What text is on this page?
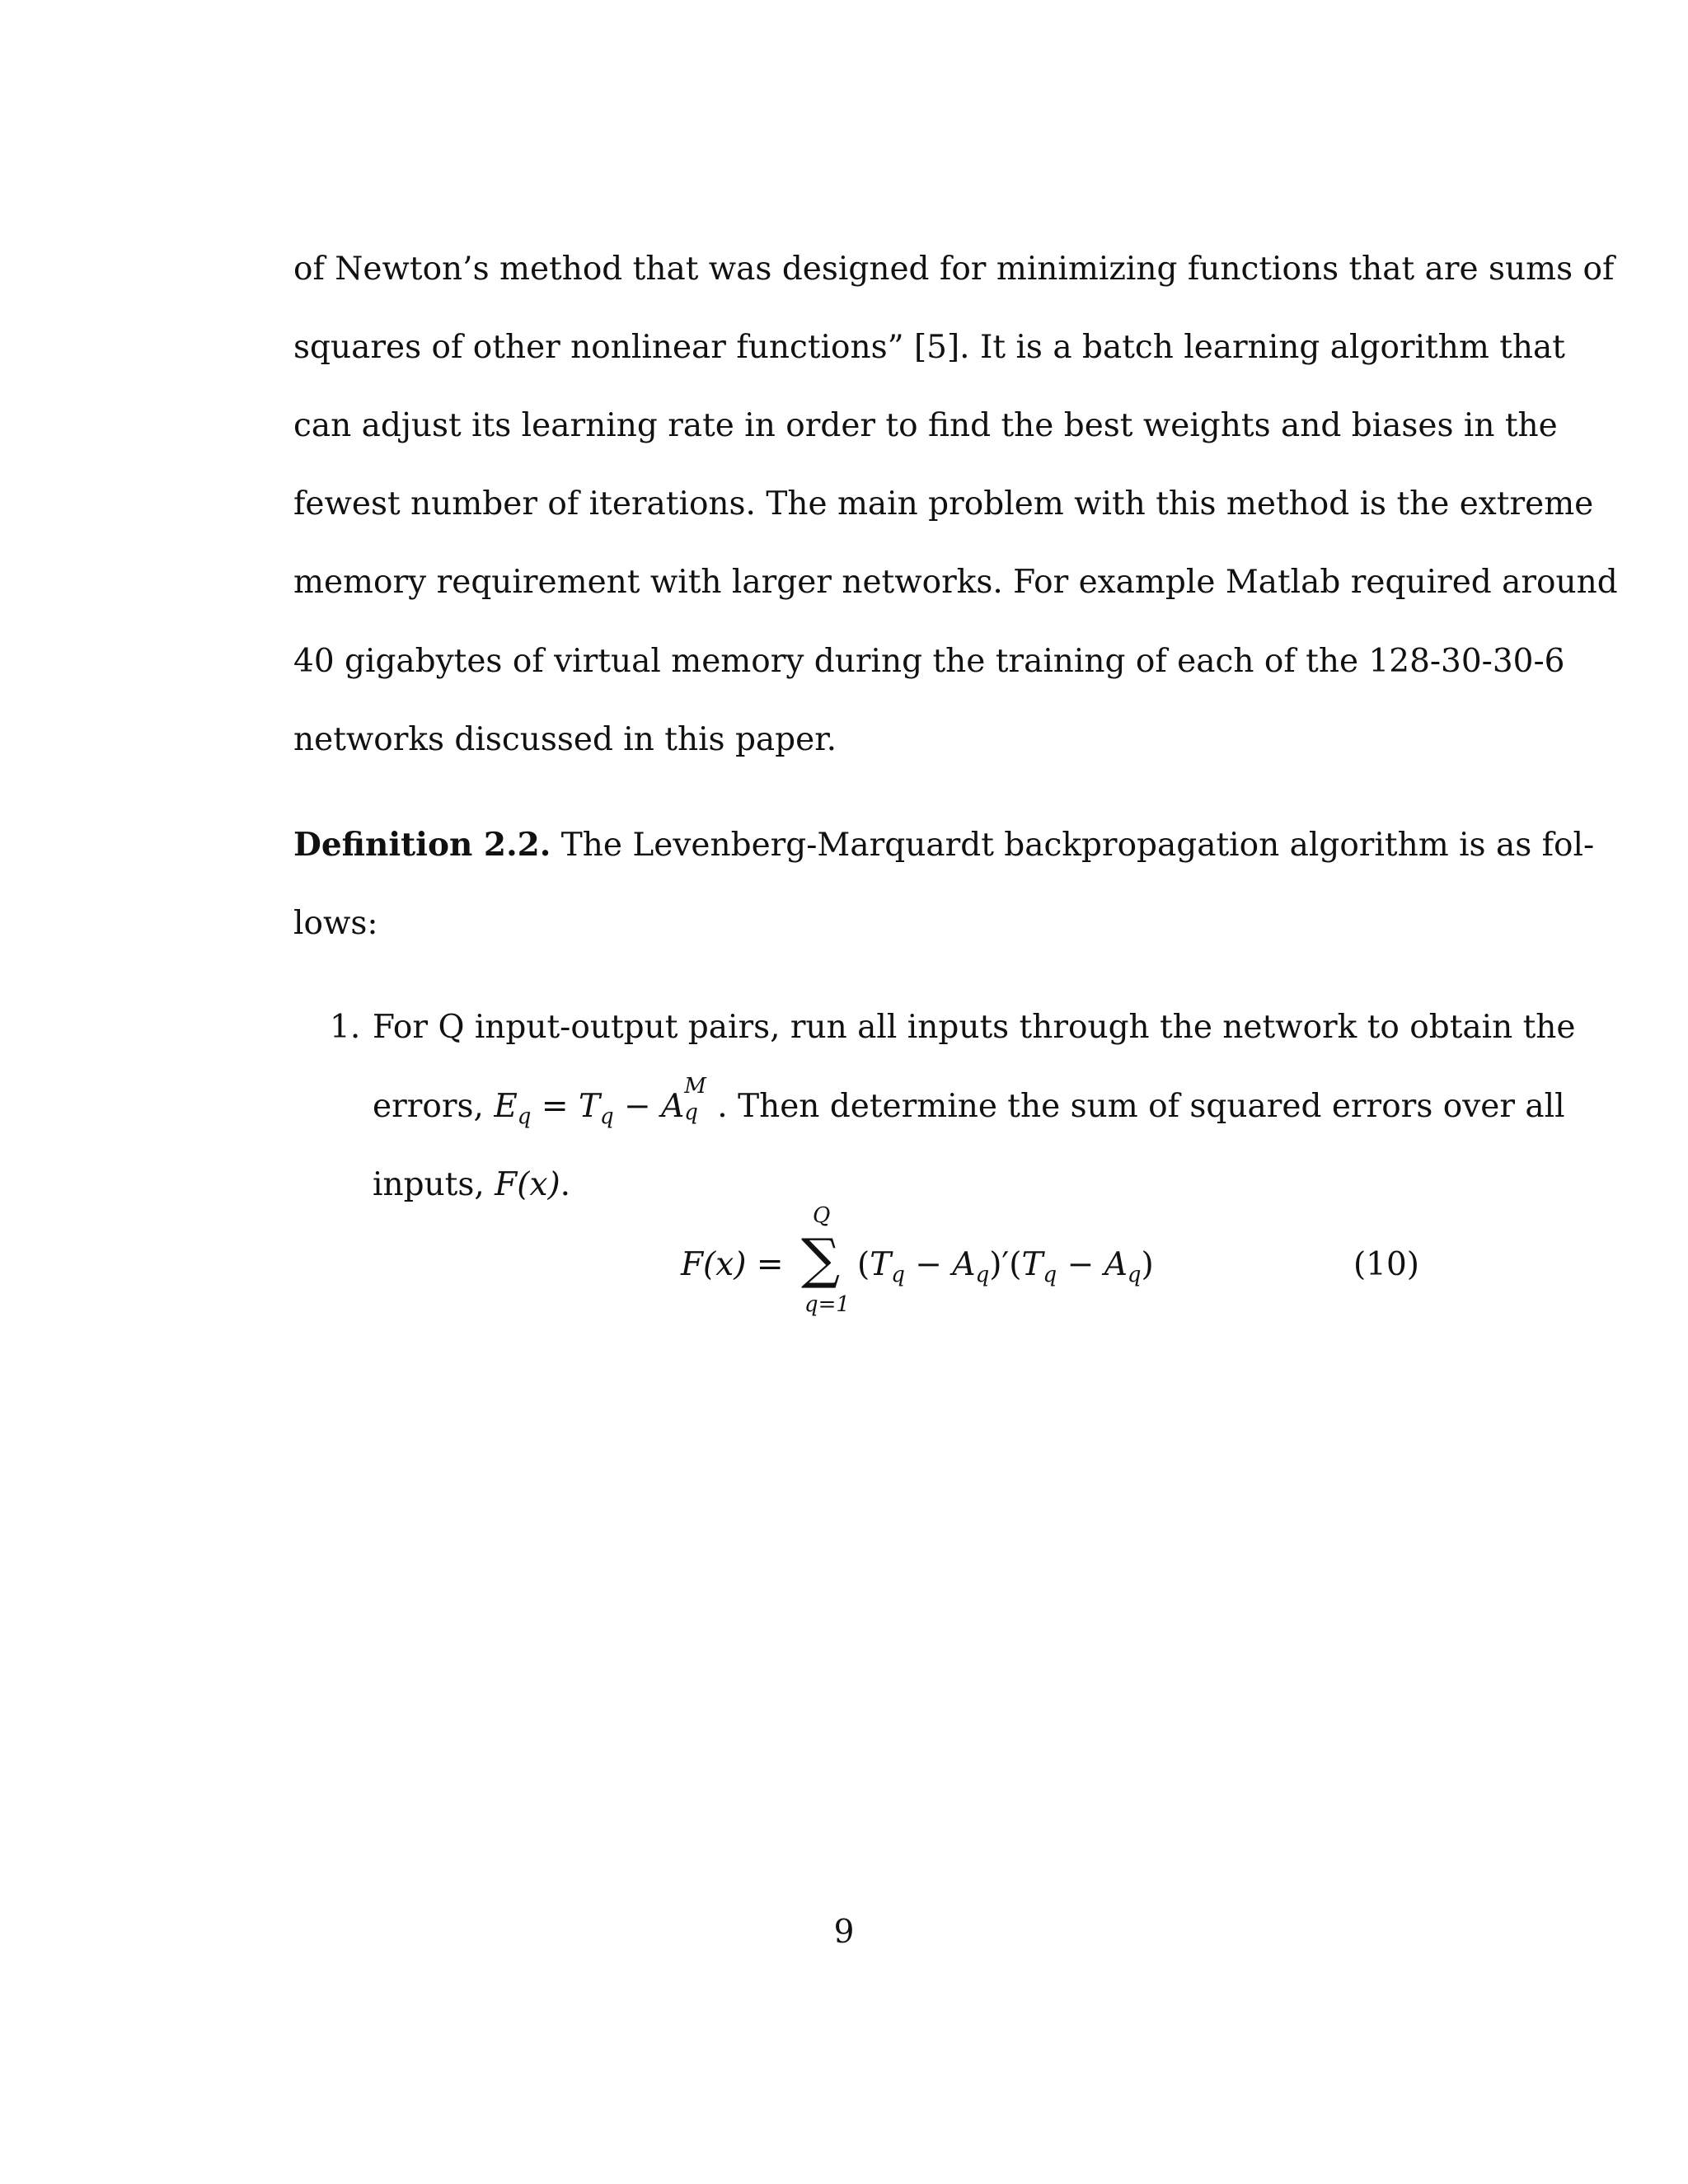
of Newton’s method that was designed for minimizing functions that are sums of
squares of other nonlinear functions” [5]. It is a batch learning algorithm that
can adjust its learning rate in order to find the best weights and biases in the
fewest number of iterations. The main problem with this method is the extreme
memory requirement with larger networks. For example Matlab required around
40 gigabytes of virtual memory during the training of each of the 128-30-30-6
networks discussed in this paper.
Definition 2.2. The Levenberg-Marquardt backpropagation algorithm is as fol-
lows:
1. For Q input-output pairs, run all inputs through the network to obtain the
errors, $E_q = T_q - A$
M
q . Then determine the sum of squared errors over all
inputs, F(x).
F(x) =
Q
∑
q=1
$(T_q - A_q)'(T_q - A_q)$	(10)
9
